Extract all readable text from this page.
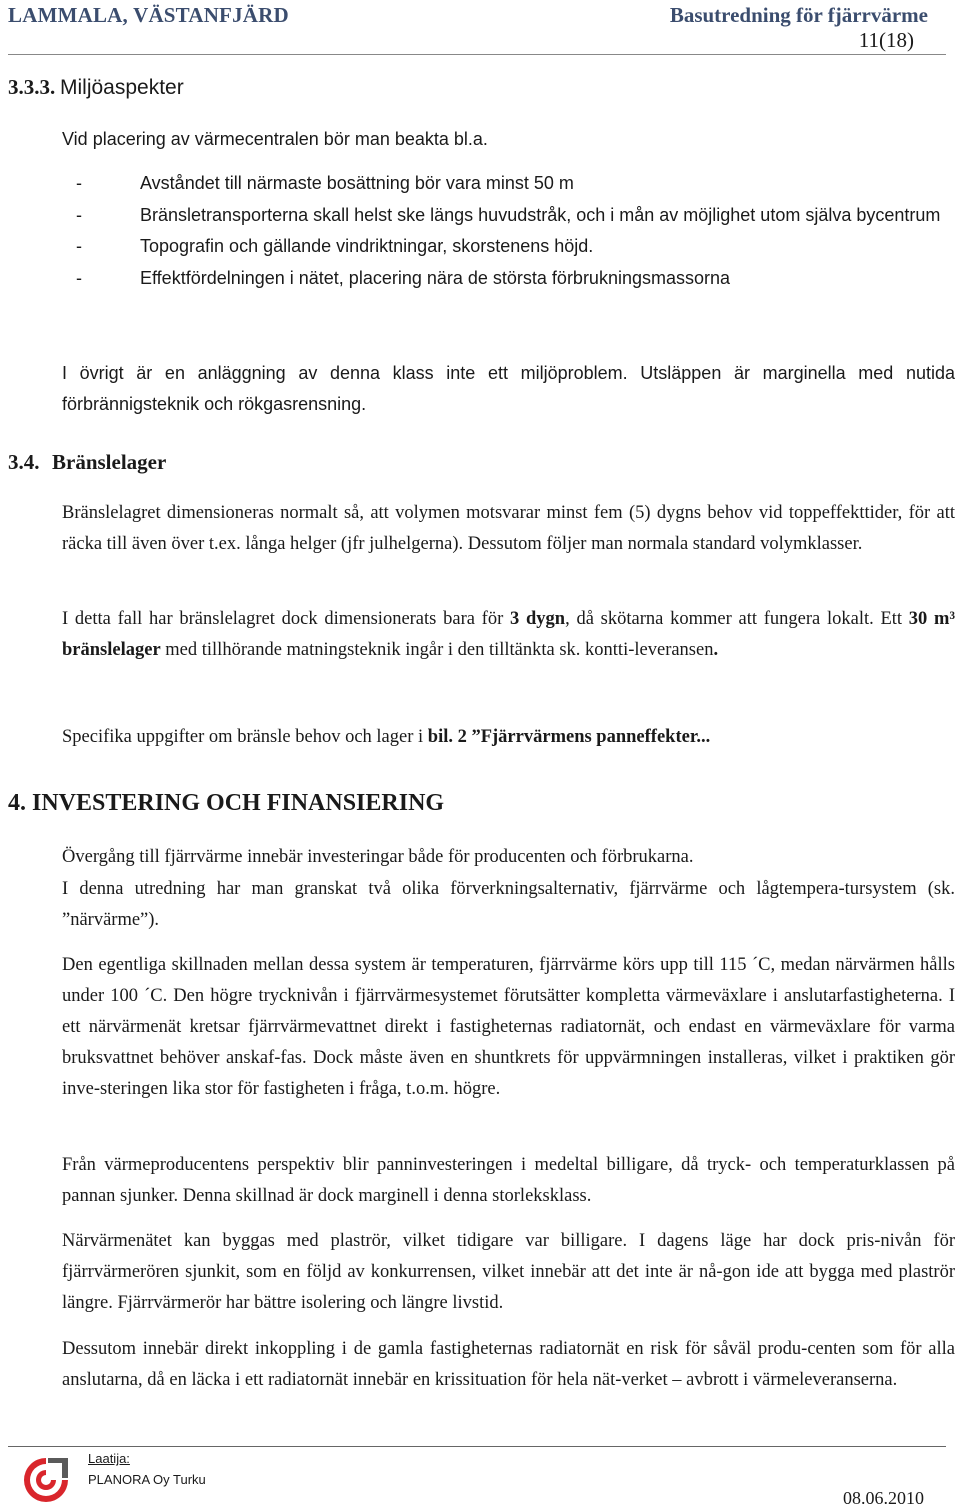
LAMMALA, VÄSTANFJÄRD	Basutredning för fjärrvärme
11(18)
3.3.3. Miljöaspekter

Vid placering av värmecentralen bör man beakta bl.a.

-	Avståndet till närmaste bosättning bör vara minst 50 m
-	Bränsletransporterna skall helst ske längs huvudstråk, och i mån av möjlighet utom själva bycentrum
-	Topografin och gällande vindriktningar, skorstenens höjd.
-	Effektfördelningen i nätet, placering nära de största förbrukningsmassorna

I övrigt är en anläggning av denna klass inte ett miljöproblem. Utsläppen är marginella med nutida förbrännigsteknik och rökgasrensning.

3.4. Bränslelager

Bränslelagret dimensioneras normalt så, att volymen motsvarar minst fem (5) dygns behov vid toppeffekttider, för att räcka till även över t.ex. långa helger (jfr julhelgerna). Dessutom följer man normala standard volymklasser.

I detta fall har bränslelagret dock dimensionerats bara för 3 dygn, då skötarna kommer att fungera lokalt. Ett 30 m³ bränslelager med tillhörande matningsteknik ingår i den tilltänkta sk. kontti-leveransen.

Specifika uppgifter om bränsle behov och lager i bil. 2 ”Fjärrvärmens panneffekter...

4. INVESTERING OCH FINANSIERING

Övergång till fjärrvärme innebär investeringar både för producenten och förbrukarna.

I denna utredning har man granskat två olika förverkningsalternativ, fjärrvärme och lågtempera-tursystem (sk. ”närvärme”).

Den egentliga skillnaden mellan dessa system är temperaturen, fjärrvärme körs upp till 115 ´C, medan närvärmen hålls under 100 ´C. Den högre trycknivån i fjärrvärmesystemet förutsätter kompletta värmeväxlare i anslutarfastigheterna. I ett närvärmenät kretsar fjärrvärmevattnet direkt i fastigheternas radiatornät, och endast en värmeväxlare för varma bruksvattnet behöver anskaf-fas. Dock måste även en shuntkrets för uppvärmningen installeras, vilket i praktiken gör inve-steringen lika stor för fastigheten i fråga, t.o.m. högre.

Från värmeproducentens perspektiv blir panninvesteringen i medeltal billigare, då tryck- och temperaturklassen på pannan sjunker. Denna skillnad är dock marginell i denna storleksklass.

Närvärmenätet kan byggas med plaströr, vilket tidigare var billigare. I dagens läge har dock pris-nivån för fjärrvärmerören sjunkit, som en följd av konkurrensen, vilket innebär att det inte är nå-gon ide att bygga med plaströr längre. Fjärrvärmerör har bättre isolering och längre livstid.

Dessutom innebär direkt inkoppling i de gamla fastigheternas radiatornät en risk för såväl produ-centen som för alla anslutarna, då en läcka i ett radiatornät innebär en krissituation för hela nät-verket – avbrott i värmeleveranserna.

Laatija:
PLANORA Oy Turku
08.06.2010
